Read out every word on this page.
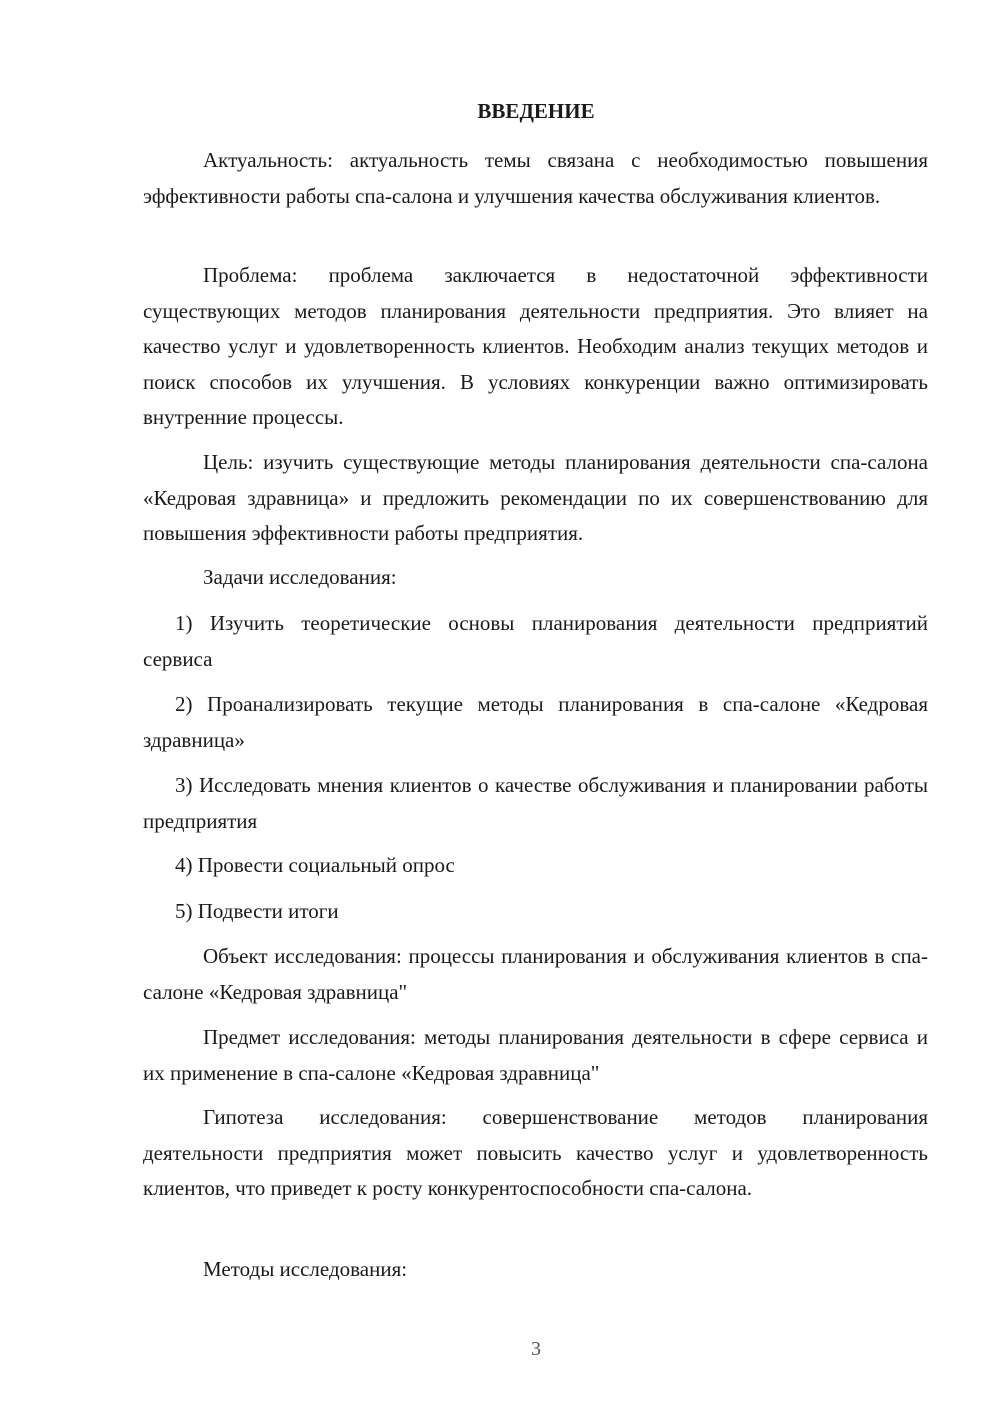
ВВЕДЕНИЕ

Актуальность: актуальность темы связана с необходимостью повышения эффективности работы спа-салона и улучшения качества обслуживания клиентов.

Проблема: проблема заключается в недостаточной эффективности существующих методов планирования деятельности предприятия. Это влияет на качество услуг и удовлетворенность клиентов. Необходим анализ текущих методов и поиск способов их улучшения. В условиях конкуренции важно оптимизировать внутренние процессы.

Цель: изучить существующие методы планирования деятельности спа-салона «Кедровая здравница» и предложить рекомендации по их совершенствованию для повышения эффективности работы предприятия.

Задачи исследования:

1) Изучить теоретические основы планирования деятельности предприятий сервиса

2) Проанализировать текущие методы планирования в спа-салоне «Кедровая здравница»

3) Исследовать мнения клиентов о качестве обслуживания и планировании работы предприятия

4) Провести социальный опрос

5) Подвести итоги

Объект исследования: процессы планирования и обслуживания клиентов в спа-салоне «Кедровая здравница"

Предмет исследования: методы планирования деятельности в сфере сервиса и их применение в спа-салоне «Кедровая здравница"

Гипотеза исследования: совершенствование методов планирования деятельности предприятия может повысить качество услуг и удовлетворенность клиентов, что приведет к росту конкурентоспособности спа-салона.

Методы исследования:

3
